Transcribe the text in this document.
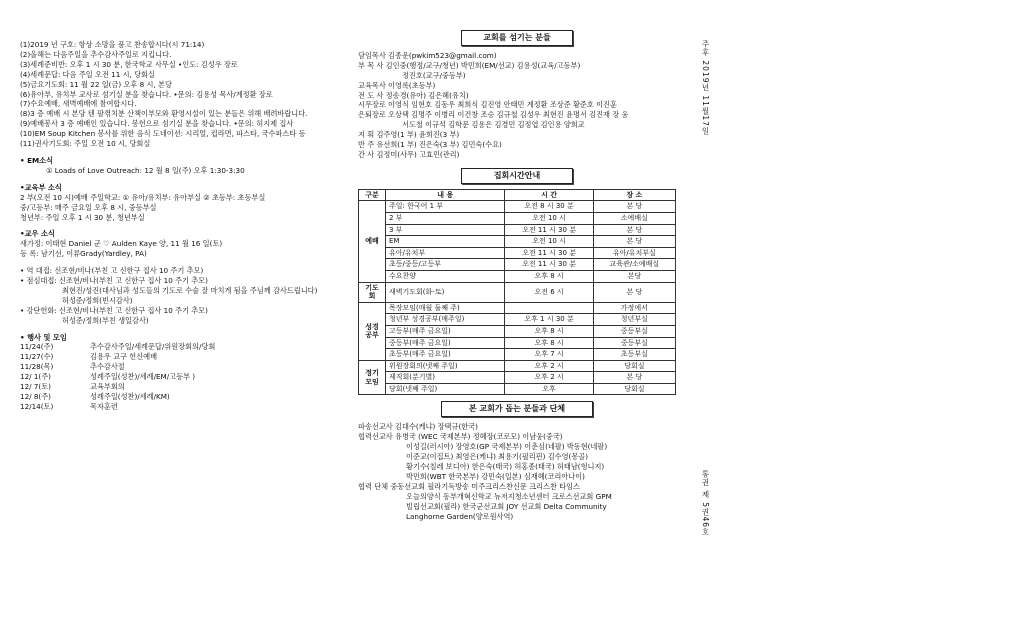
(1)2019 년 구호: 항상 소망을 품고 찬송합시다(시 71:14)
(2)올해는 다음주일을 추수감사주일로 지킵니다.
(3)세례준비반: 오후 1 시 30 분, 한국학교 사무실 •인도: 김성우 장로
(4)세례문답: 다음 주일 오전 11 시, 당회실
(5)금요기도회: 11 월 22 일(금) 오후 8 시, 본당
(6)유아부, 유치부 교사로 섬기실 분을 찾습니다. •문의: 김용성 목사/계정환 장로
(7)수요예배, 새벽예배에 참여합시다.
(8)3 층 예배 시 본당 텐 팔꺾치분 산책이부모와 환영시설이 있는 분들은 위해 배려바랍니다.
(9)예배봉사 3 층 예배인 있습니다. 봉헌으로 섬기실 분을 찾습니다. •문의: 허지제 집사
(10)EM Soup Kitchen 봉사를 위한 음식 도네이션: 시리얼, 컵라면, 파스타, 국수파스타 등
(11)권사기도회: 주일 오전 10 시, 당회실
• EM소식
① Loads of Love Outreach: 12 월 8 일(주) 오후 1:30-3:30
•교육부 소식
2 부(오전 10 시)예배 주일학교: ① 유아/유치부: 유아부실 ② 초등부: 초등부실
중/고등부: 매주 금요일 오후 8 시, 중등부실
청년부: 주일 오후 1 시 30 분, 청년부실
•교우 소식
새가정: 이태현 Daniel 군 ♡ Aulden Kaye 양, 11 월 16 일(토)
등 록: 남기선, 이류Grady(Yardley, PA)
• 역 대접: 신조현/비나(부친 고 신한구 집사 10 주기 추모)
• 점심대접: 신조현/비나(부친 고 신한구 집사 10 주기 추모)
최현진/성진(대사님과 성도들의 기도로 수술 잘 마치게 됨을 주님께 감사드립니다)
허성준/정희(빈시감사)
• 강단헌화: 신조현/비나(부친 고 신한구 집사 10 주기 추모)
허성준/정희(부친 생일감사)
• 행사 및 모임
11/24(주)	추수감사주일/세례문답/위원장회의/당회
11/27(수)	김용우 교구 헌신예배
11/28(목)	추수감사절
12/ 1(주)	성례주일(성찬)/세례/EM/고등부 )
12/ 7(토)	교육부회의
12/ 8(주)	성례주일(성찬)/세례/KM)
12/14(토)	목자훈련
교회를 섬기는 분들
담임목사 김종운(pwkim523@gmail.com)
부 목 사 김인중(행정/교구/청년) 박민희(EM/선교) 김용성(교육/고등부)
정진호(교구/중등부)
교육목사 이영록(초등부)
전 도 사 정송경(유아) 김은혜(유치)
시무장로 이영식 임현호 김동우 최희식 김진영 안태민 계정환 조상준 황준호 이진훈
은퇴장로 오상택 김명주 이병리 이건창 조승 김규철 김성우 최현진 윤명서 김진재 장 웅
서도철 이규석 김학문 김용은 김경민 김정엽 김인용 양희교
지 휘 김주영(1 부) 윤희진(3 부)
반 주 유선희(1 부) 진은숙(3 부) 김민숙(수요)
간 사 김정미(사무) 고효민(관리)
집회시간안내
구분	내 용	시 간	장 소
예배	주일: 한국어 1 부	오전 8 시 30 분	본 당
	2 부	오전 10 시	소예배실
	3 부	오전 11 시 30 분	본 당
	EM	오전 10 시	본 당
	유아/유치부	오전 11 시 30 분	유아/유치부실
	초등/중등/고등부	오전 11 시 30 분	교육관/소예배실
	수요찬양	오후 8 시	본당
기도회	새벽기도회(화-토)	오전 6 시	본 당
성경공부	목장모임(매월 둘째 주)		가정에서
	청년부 성경공부(매주일)	오후 1 시 30 분	청년부실
	고등부(매주 금요일)	오후 8 시	중등부실
	중등부(매주 금요일)	오후 8 시	중등부실
	초등부(매주 금요일)	오후 7 시	초등부실
정기모임	위원장회의(넷째 주일)	오후 2 시	당회실
	제직회(분기별)	오후 2 시	본 당
	당회(넷째 주일)	오후	당회실
본 교회가 돕는 분들과 단체
파송선교사 김대수(케냐) 장택규(한국)
협력선교사 유병국 (WEC 국제본부) 정혜장(코로모) 이남웅(중국)
이성길(러시아) 장영호(GP 국제본부) 이춘심(네팔) 박동현(네팔)
이준교(이집트) 최영은(케냐) 최용기(필리핀) 김수영(몽골)
황기수(칠레 보디아) 한은숙(태국) 허홍종(태국) 허태남(헝니지)
박민희(WBT 한국본부) 강민숙(일본) 심재혜(코리아나이)
협력 단체 중동선교회 필라기독방송 미주크리스찬신문 크리스찬 타임스
오늘의양식 동부개혁신학교 뉴저지청소년센터 크로스선교회 GPM
빌립선교회(필라) 한국군선교회 JOY 선교회 Delta Community
Langhorne Garden(양로원사역)
주후 2019년 11월17일
통권 제 5권46호
